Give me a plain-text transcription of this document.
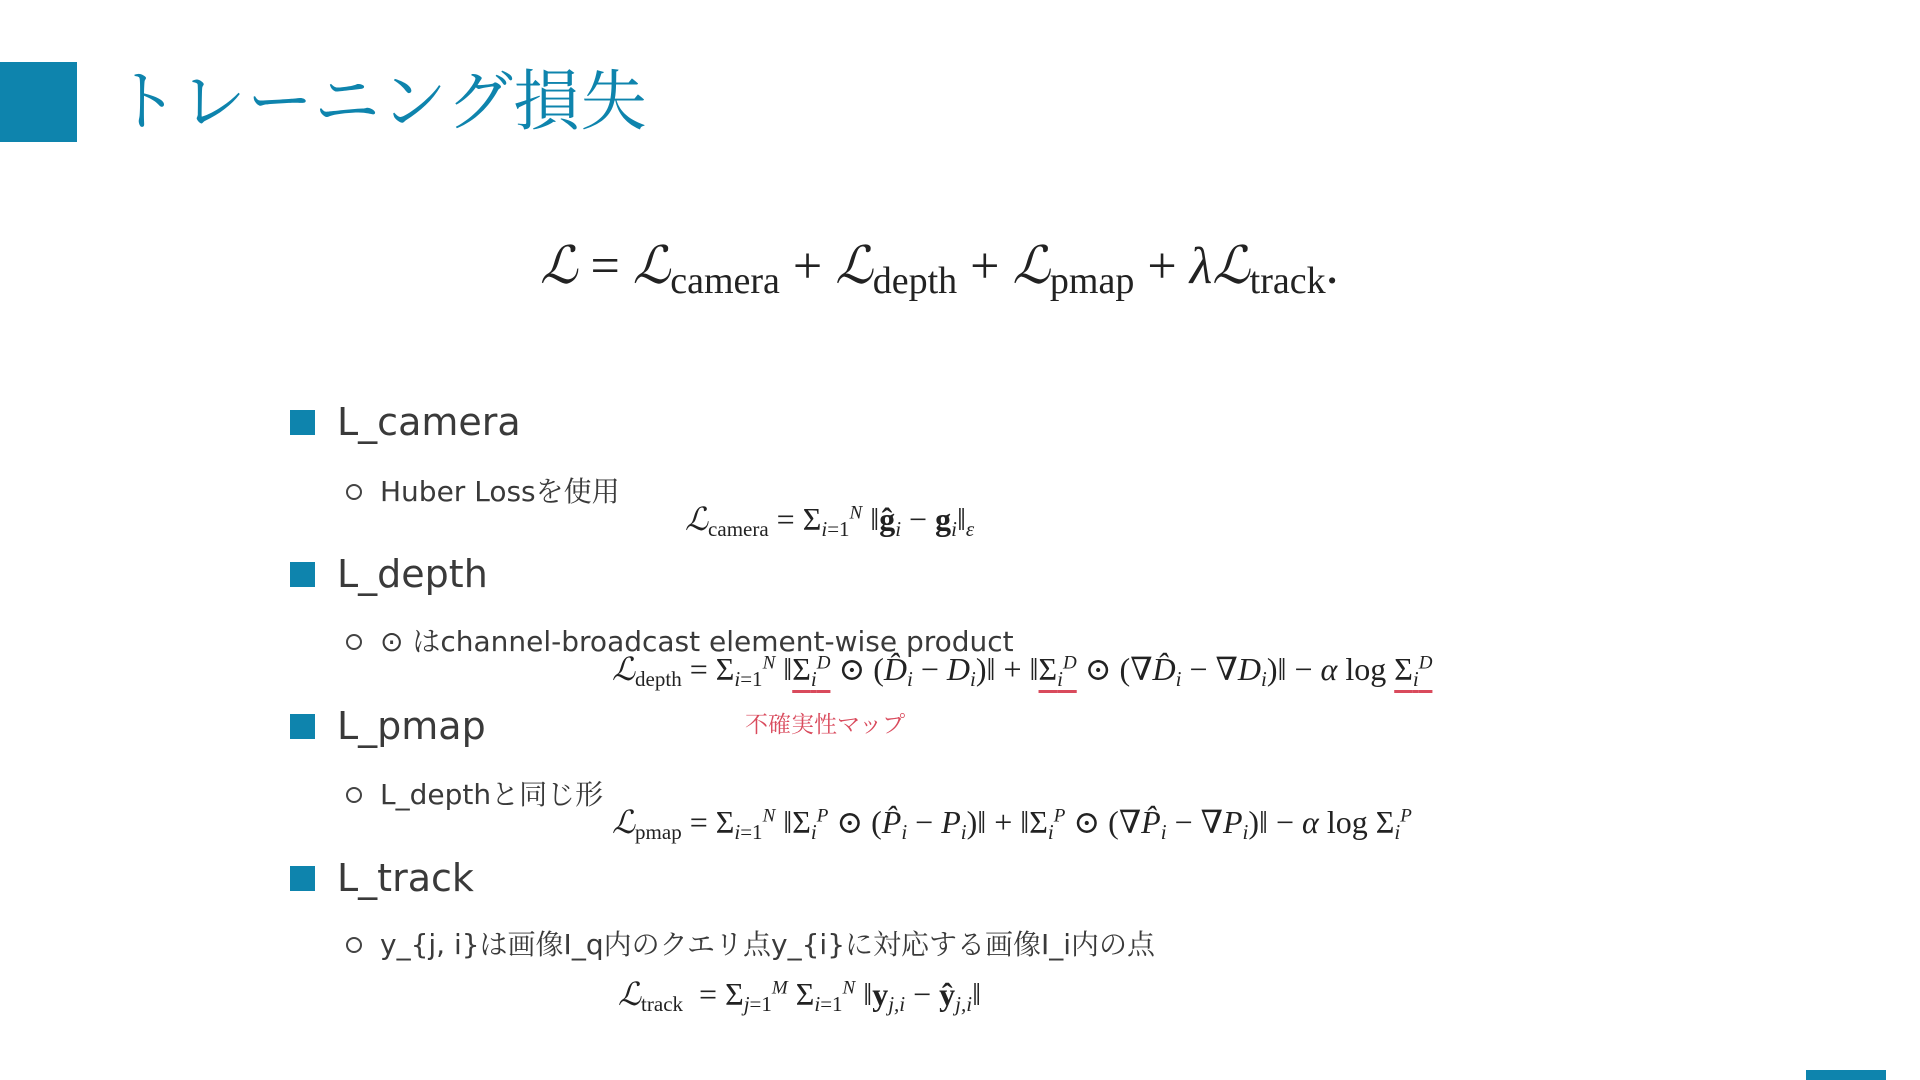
トレーニング損失
ℒ = ℒ$_{camera}$ + ℒ$_{depth}$ + ℒ$_{pmap}$ + λℒ$_{track}$.
L_camera
Huber Lossを使用
ℒ$_{camera}$ = $\Sigma_{i=1}^N$ $‖ĝ_i$ − $g_i‖_\varepsilon$
L_depth
⊙ はchannel-broadcast element-wise product
ℒ$_{depth}$ = $\Sigma_{i=1}^N$ $‖\Sigma_i^D$ ⊙ ($D̂_i$ − $D_i)‖$ + $‖\Sigma_i^D$ ⊙ ($\nabla D̂_i$ − $\nabla D_i)‖ - \alpha$ $\log \Sigma_i^D$
不確実性マップ
L_pmap
L_depthと同じ形
ℒ$_{pmap}$ = $\Sigma_{i=1}^N$ $‖\Sigma_i^P$ ⊙ ($P̂_i$ − $P_i)‖$ + $‖\Sigma_i^P$ ⊙ ($\nabla P̂_i$ − $\nabla P_i)‖ - \alpha$ $\log \Sigma_i^P$
L_track
y_{j, i}は画像I_q内のクエリ点y_{i}に対応する画像I_i内の点
ℒ$_{track}$  = $\Sigma_{j=1}^M$ $\Sigma_{i=1}^N$ $‖y_{j,i}$ − $ŷ_{j,i}‖$
